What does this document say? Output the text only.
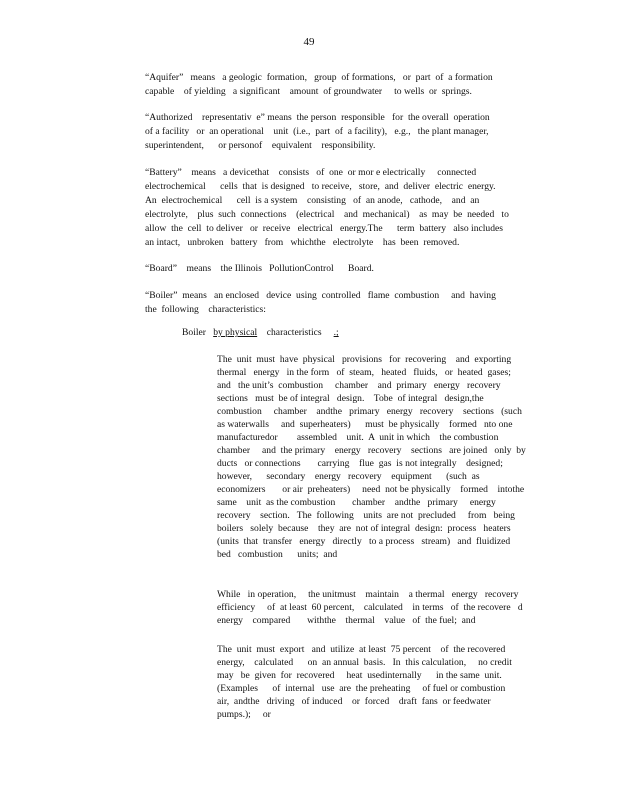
49
“Aquifer”   means   a geologic  formation,   group  of formations,   or  part  of  a formation
capable    of yielding   a significant    amount  of groundwater     to wells  or  springs.
“Authorized    representativ  e” means  the person  responsible   for  the overall  operation
of a facility   or  an operational    unit  (i.e.,  part  of  a facility),   e.g.,   the plant manager,
superintendent,      or personof    equivalent    responsibility.
“Battery”    means   a devicethat    consists   of  one  or mor e electrically     connected
electrochemical      cells  that  is designed   to receive,   store,  and  deliver  electric  energy.
An  electrochemical      cell  is a system    consisting   of  an anode,   cathode,    and  an
electrolyte,    plus  such  connections    (electrical    and  mechanical)    as  may  be  needed   to
allow  the  cell  to deliver   or  receive   electrical   energy.The      term  battery   also includes
an intact,   unbroken   battery   from   whichthe   electrolyte    has  been  removed.
“Board”    means    the Illinois   PollutionControl      Board.
“Boiler”  means   an enclosed   device  using  controlled   flame  combustion     and  having
the  following    characteristics:
Boiler   by physical    characteristics     .;
The  unit  must  have  physical   provisions   for  recovering    and  exporting
thermal   energy   in the form   of  steam,   heated   fluids,   or  heated  gases;
and   the unit’s  combustion     chamber    and  primary   energy   recovery
sections   must  be of integral   design.    Tobe  of integral   design,the
combustion     chamber    andthe   primary   energy   recovery    sections   (such
as waterwalls     and  superheaters)      must  be physically    formed   nto one
manufacturedor        assembled    unit.  A  unit in which    the combustion
chamber     and  the primary    energy   recovery    sections   are joined   only  by
ducts   or connections       carrying    flue  gas  is not integrally    designed;
however,      secondary    energy   recovery    equipment      (such  as
economizers       or air  preheaters)     need  not be physically    formed    intothe
same    unit  as the combustion       chamber    andthe   primary     energy
recovery    section.   The  following    units  are not  precluded     from   being
boilers   solely  because    they  are  not of integral  design:  process   heaters
(units  that  transfer   energy   directly   to a process   stream)   and  fluidized
bed   combustion      units;  and
While   in operation,     the unitmust    maintain    a thermal   energy   recovery
efficiency     of  at least  60 percent,    calculated    in terms   of  the recovere   d
energy    compared       withthe    thermal    value   of  the fuel;  and
The  unit  must  export   and  utilize  at least  75 percent    of  the recovered
energy,    calculated      on  an annual  basis.   In  this calculation,     no credit
may   be  given  for  recovered     heat  usedinternally      in the same  unit.
(Examples      of  internal   use  are  the preheating     of fuel or combustion
air,  andthe   driving   of induced    or  forced    draft  fans  or feedwater
pumps.);     or
